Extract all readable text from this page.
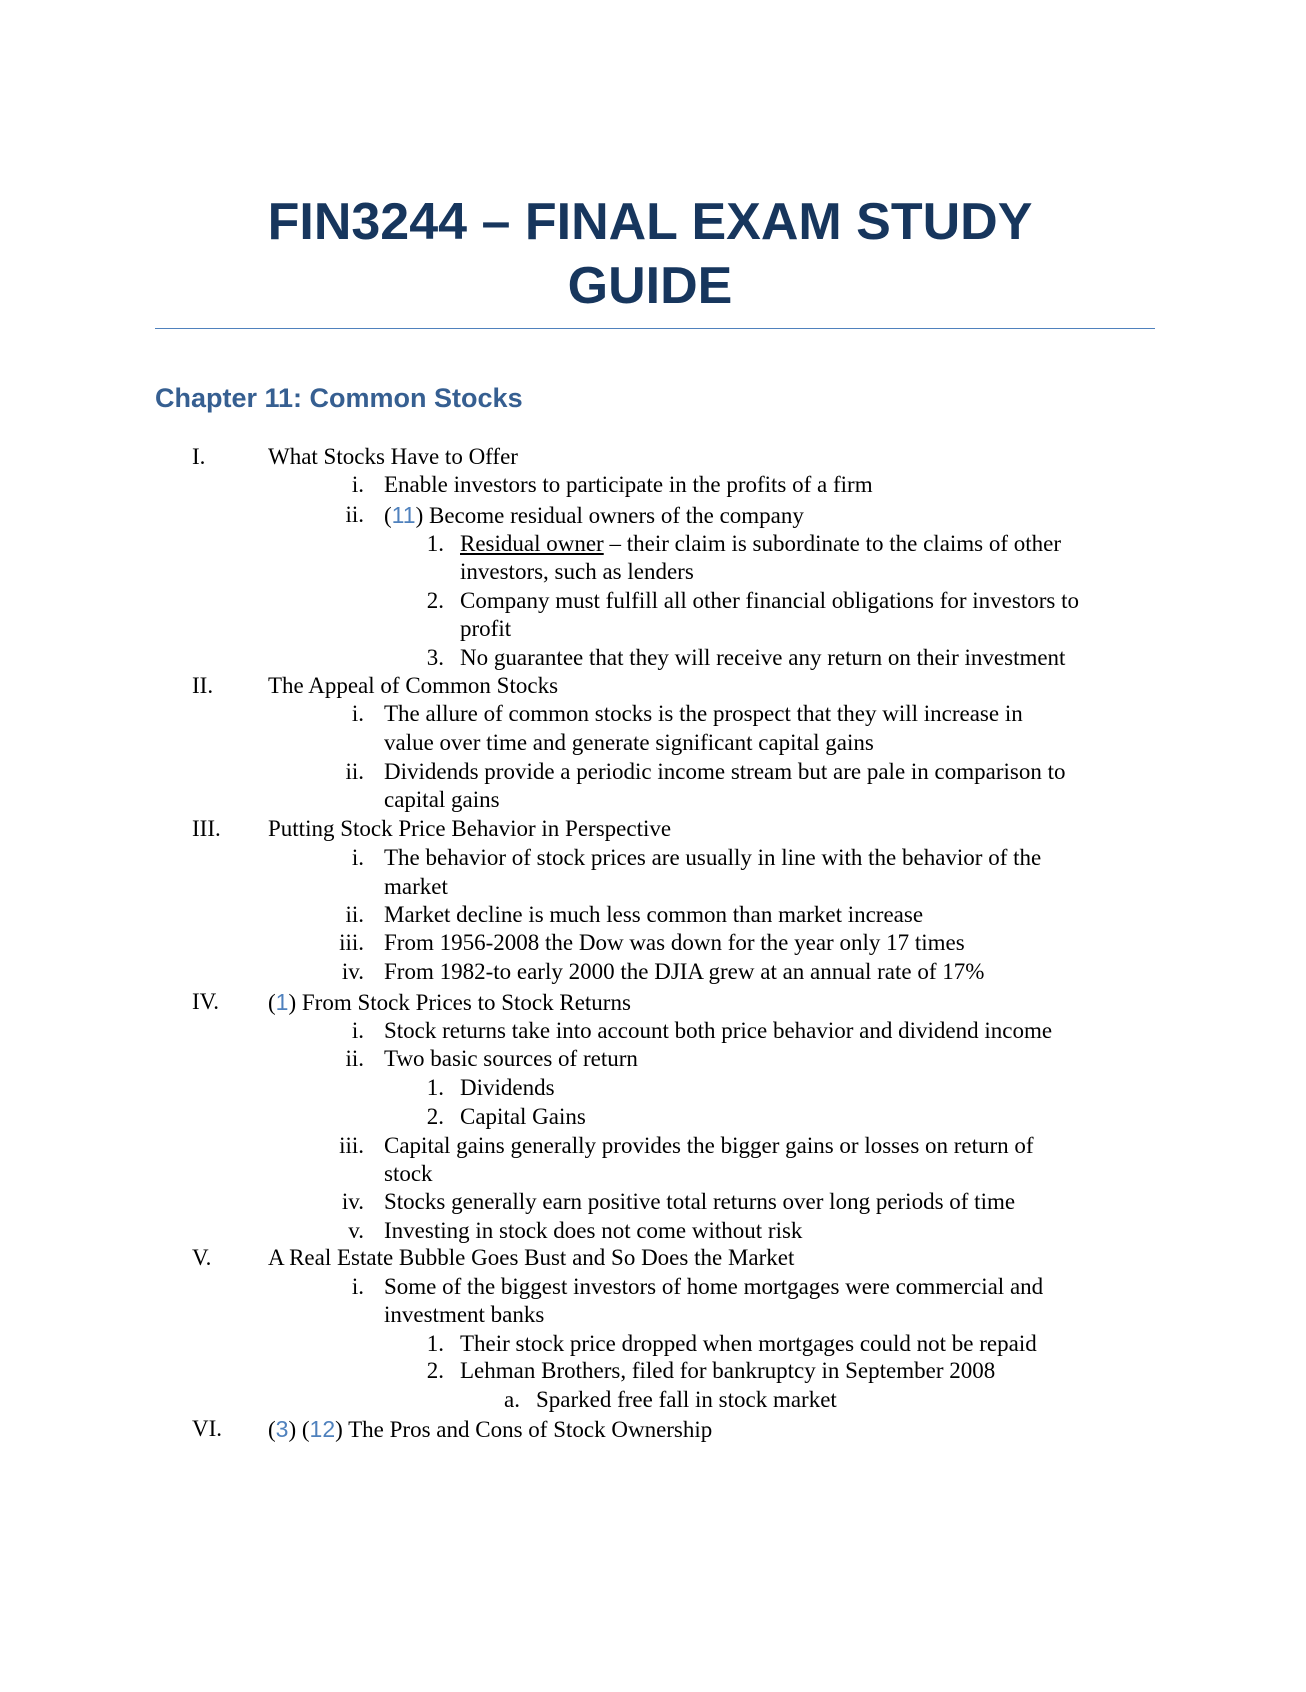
FIN3244 – FINAL EXAM STUDY
GUIDE
Chapter 11: Common Stocks
I.	What Stocks Have to Offer
i. Enable investors to participate in the profits of a firm
ii. (11) Become residual owners of the company
1. Residual owner – their claim is subordinate to the claims of other
investors, such as lenders
2. Company must fulfill all other financial obligations for investors to
profit
3. No guarantee that they will receive any return on their investment
II. The Appeal of Common Stocks
i. The allure of common stocks is the prospect that they will increase in
value over time and generate significant capital gains
ii. Dividends provide a periodic income stream but are pale in comparison to
capital gains
III. Putting Stock Price Behavior in Perspective
i. The behavior of stock prices are usually in line with the behavior of the
market
ii. Market decline is much less common than market increase
iii. From 1956-2008 the Dow was down for the year only 17 times
iv. From 1982-to early 2000 the DJIA grew at an annual rate of 17%
IV. (1) From Stock Prices to Stock Returns
i. Stock returns take into account both price behavior and dividend income
ii. Two basic sources of return
1. Dividends
2. Capital Gains
iii. Capital gains generally provides the bigger gains or losses on return of
stock
iv. Stocks generally earn positive total returns over long periods of time
v. Investing in stock does not come without risk
V. A Real Estate Bubble Goes Bust and So Does the Market
i. Some of the biggest investors of home mortgages were commercial and
investment banks
1. Their stock price dropped when mortgages could not be repaid
2. Lehman Brothers, filed for bankruptcy in September 2008
a. Sparked free fall in stock market
VI. (3) (12) The Pros and Cons of Stock Ownership
